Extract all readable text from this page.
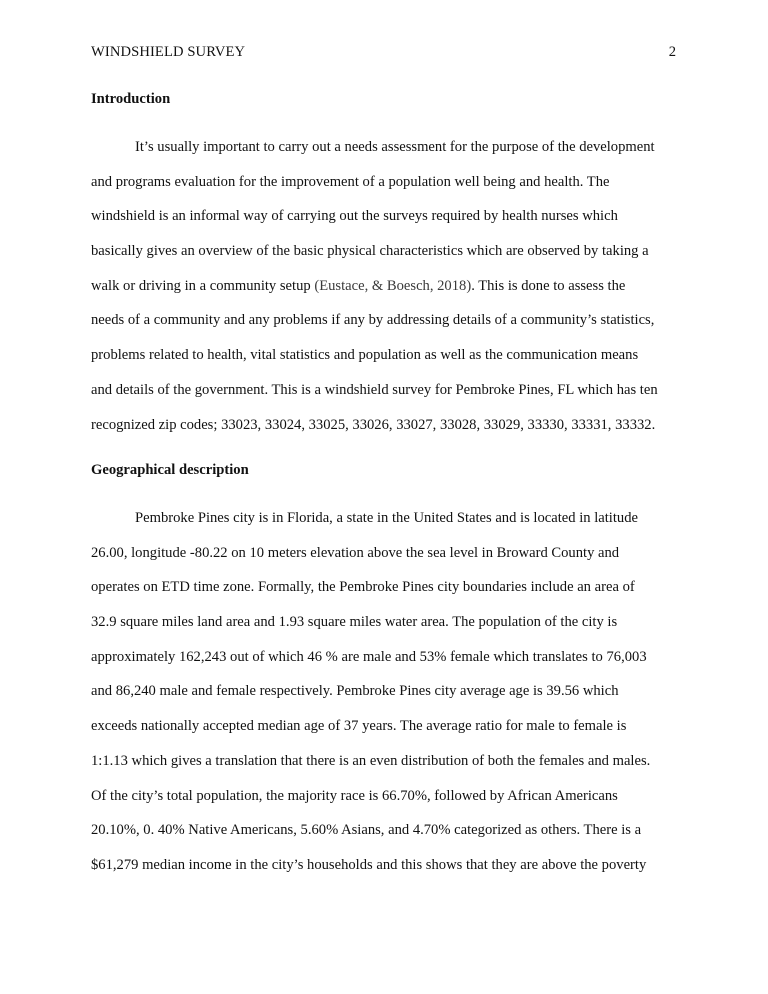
WINDSHIELD SURVEY	2
Introduction
It’s usually important to carry out a needs assessment for the purpose of the development
and programs evaluation for the improvement of a population well being and health. The
windshield is an informal way of carrying out the surveys required by health nurses which
basically gives an overview of the basic physical characteristics which are observed by taking a
walk or driving in a community setup (Eustace, & Boesch, 2018). This is done to assess the
needs of a community and any problems if any by addressing details of a community’s statistics,
problems related to health, vital statistics and population as well as the communication means
and details of the government. This is a windshield survey for Pembroke Pines, FL which has ten
recognized zip codes; 33023, 33024, 33025, 33026, 33027, 33028, 33029, 33330, 33331, 33332.
Geographical description
Pembroke Pines city is in Florida, a state in the United States and is located in latitude
26.00, longitude -80.22 on 10 meters elevation above the sea level in Broward County and
operates on ETD time zone. Formally, the Pembroke Pines city boundaries include an area of
32.9 square miles land area and 1.93 square miles water area. The population of the city is
approximately 162,243 out of which 46 % are male and 53% female which translates to 76,003
and 86,240 male and female respectively. Pembroke Pines city average age is 39.56 which
exceeds nationally accepted median age of 37 years. The average ratio for male to female is
1:1.13 which gives a translation that there is an even distribution of both the females and males.
Of the city’s total population, the majority race is 66.70%, followed by African Americans
20.10%, 0. 40% Native Americans, 5.60% Asians, and 4.70% categorized as others. There is a
$61,279 median income in the city’s households and this shows that they are above the poverty
